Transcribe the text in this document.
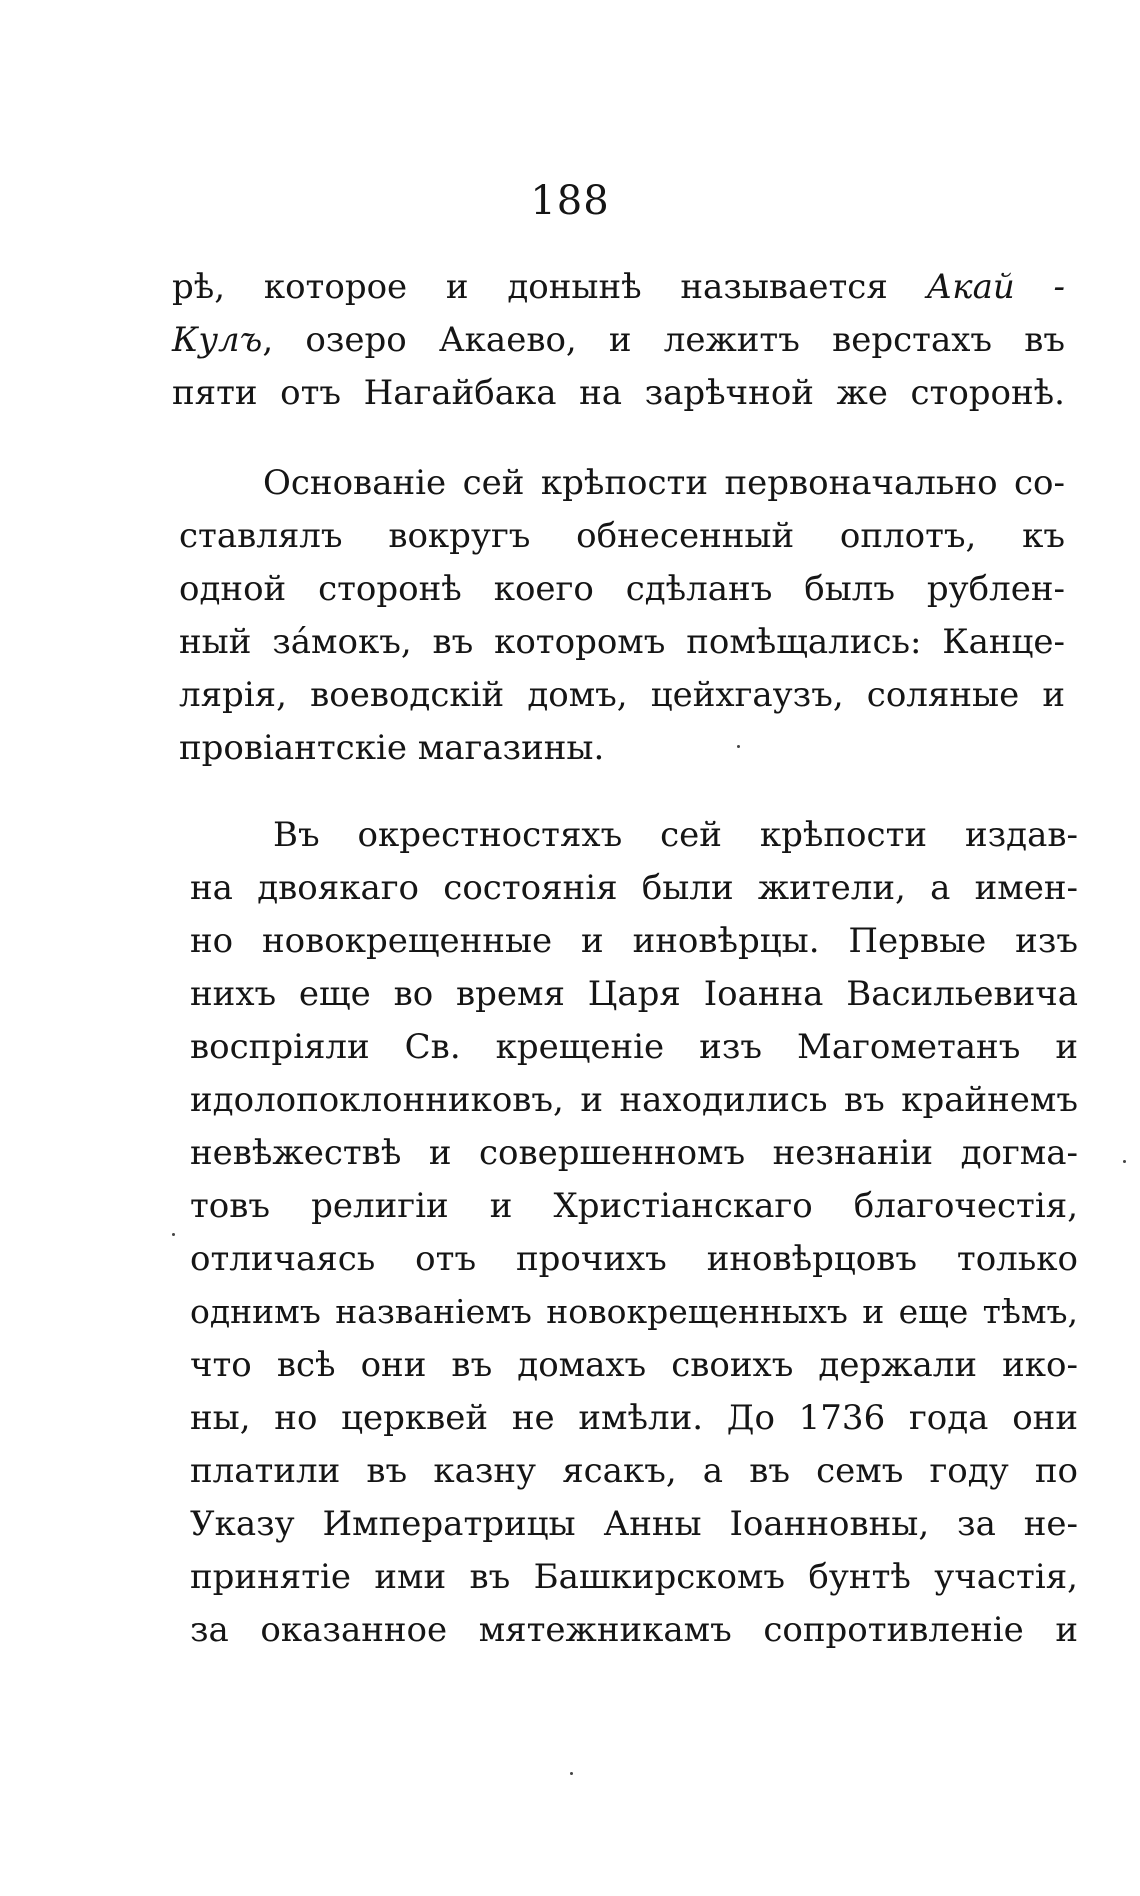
188
рѣ, которое и донынѣ называется Акай -
Кулъ, озеро Акаево, и лежитъ верстахъ въ
пяти отъ Нагайбака на зарѣчной же сторонѣ.
Основаніе сей крѣпости первоначально со-
ставлялъ вокругъ обнесенный оплотъ, къ
одной сторонѣ коего сдѣланъ былъ рублен-
ный зáмокъ, въ которомъ помѣщались: Канце-
лярія, воеводскій домъ, цейхгаузъ, соляные и
провіантскіе магазины.
Въ окрестностяхъ сей крѣпости издав-
на двоякаго состоянія были жители, а имен-
но новокрещенные и иновѣрцы. Первые изъ
нихъ еще во время Царя Іоанна Васильевича
воспріяли Св. крещеніе изъ Магометанъ и
идолопоклонниковъ, и находились въ крайнемъ
невѣжествѣ и совершенномъ незнаніи догма-
товъ религіи и Христіанскаго благочестія,
отличаясь отъ прочихъ иновѣрцовъ только
однимъ названіемъ новокрещенныхъ и еще тѣмъ,
что всѣ они въ домахъ своихъ держали ико-
ны, но церквей не имѣли. До 1736 года они
платили въ казну ясакъ, а въ семъ году по
Указу Императрицы Анны Іоанновны, за не-
принятіе ими въ Башкирскомъ бунтѣ участія,
за оказанное мятежникамъ сопротивленіе и
